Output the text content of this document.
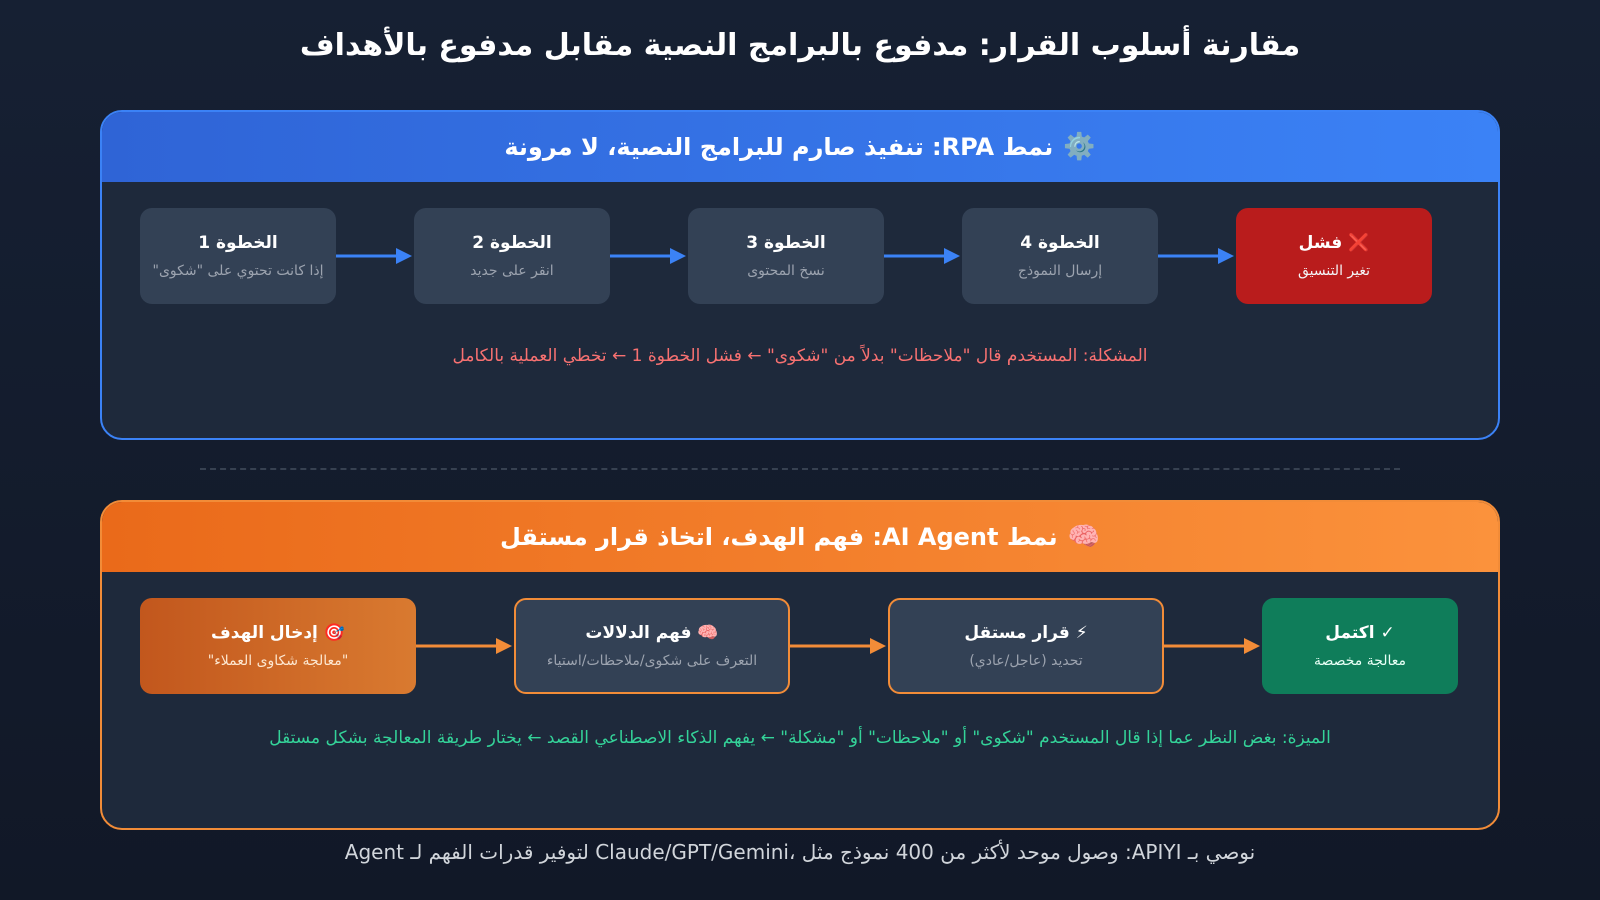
مقارنة أسلوب القرار: مدفوع بالبرامج النصية مقابل مدفوع بالأهداف
تنفيذ صارم للبرامج النصية، لا مرونة :RPA نمط ⚙️
الخطوة 1
"إذا كانت تحتوي على "شكوى
الخطوة 2
انقر على جديد
الخطوة 3
نسخ المحتوى
الخطوة 4
إرسال النموذج
فشل ❌
تغير التنسيق
المشكلة: المستخدم قال "ملاحظات" بدلاً من "شكوى" ← فشل الخطوة 1 ← تخطي العملية بالكامل
فهم الهدف، اتخاذ قرار مستقل :AI Agent نمط 🧠
إدخال الهدف 🎯
"معالجة شكاوى العملاء"
فهم الدلالات 🧠
التعرف على شكوى/ملاحظات/استياء
قرار مستقل ⚡
تحديد (عاجل/عادي)
اكتمل ✓
معالجة مخصصة
الميزة: بغض النظر عما إذا قال المستخدم "شكوى" أو "ملاحظات" أو "مشكلة" ← يفهم الذكاء الاصطناعي القصد ← يختار طريقة المعالجة بشكل مستقل
Agent لتوفير قدرات الفهم لـ Claude/GPT/Gemini، وصول موحد لأكثر من 400 نموذج مثل :APIYI نوصي بـ
